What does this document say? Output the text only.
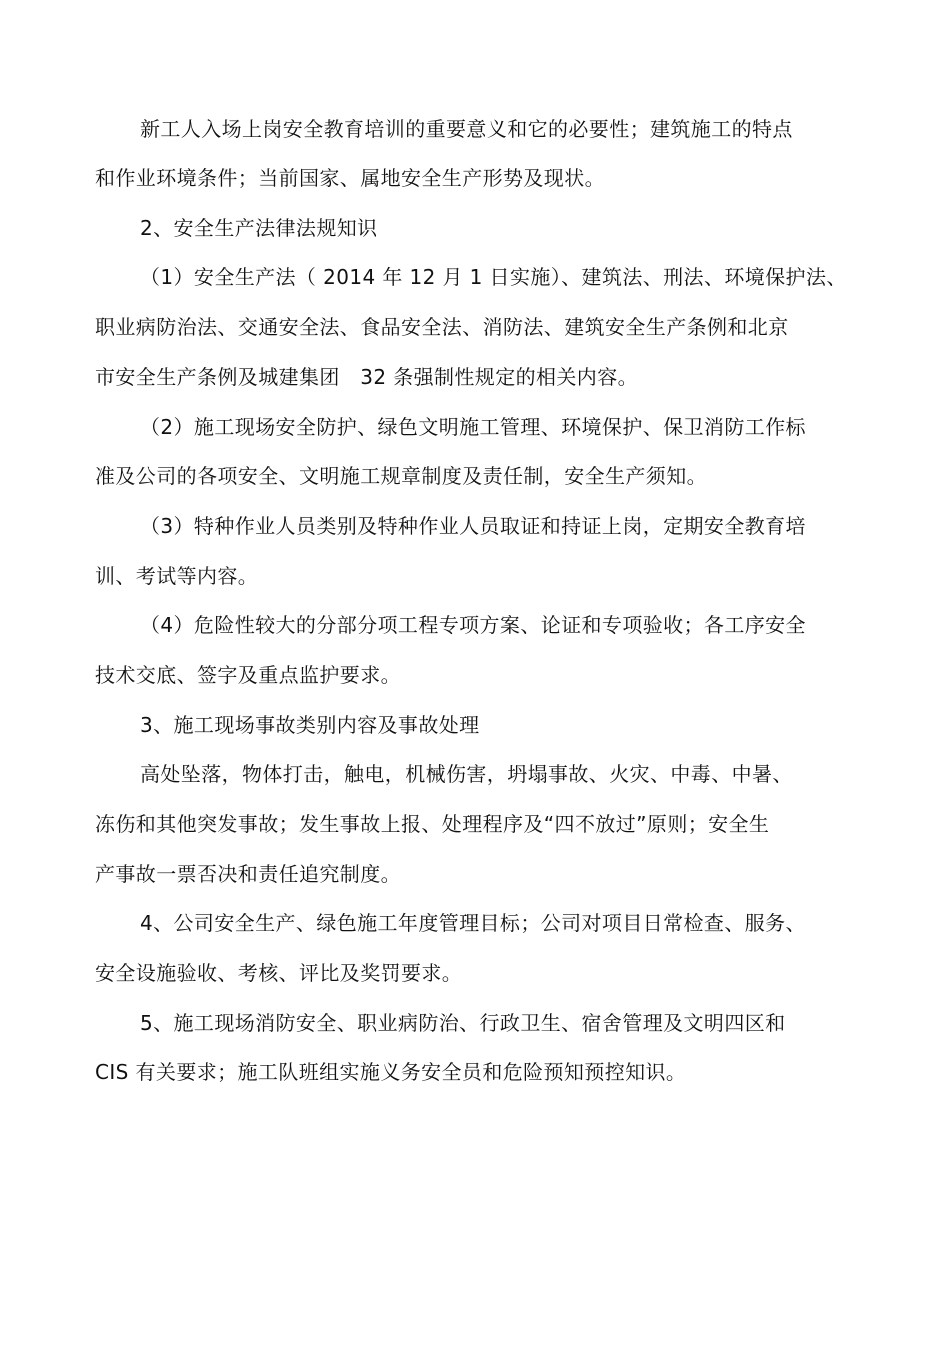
新工人入场上岗安全教育培训的重要意义和它的必要性；建筑施工的特点
和作业环境条件；当前国家、属地安全生产形势及现状。
2、安全生产法律法规知识
（1）安全生产法（ 2014 年 12 月 1 日实施）、建筑法、刑法、环境保护法、
职业病防治法、交通安全法、食品安全法、消防法、建筑安全生产条例和北京
市安全生产条例及城建集团　32 条强制性规定的相关内容。
（2）施工现场安全防护、绿色文明施工管理、环境保护、保卫消防工作标
准及公司的各项安全、文明施工规章制度及责任制，安全生产须知。
（3）特种作业人员类别及特种作业人员取证和持证上岗，定期安全教育培
训、考试等内容。
（4）危险性较大的分部分项工程专项方案、论证和专项验收；各工序安全
技术交底、签字及重点监护要求。
3、施工现场事故类别内容及事故处理
高处坠落，物体打击，触电，机械伤害，坍塌事故、火灾、中毒、中暑、
冻伤和其他突发事故；发生事故上报、处理程序及“四不放过”原则；安全生
产事故一票否决和责任追究制度。
4、公司安全生产、绿色施工年度管理目标；公司对项目日常检查、服务、
安全设施验收、考核、评比及奖罚要求。
5、施工现场消防安全、职业病防治、行政卫生、宿舍管理及文明四区和
CIS 有关要求；施工队班组实施义务安全员和危险预知预控知识。
